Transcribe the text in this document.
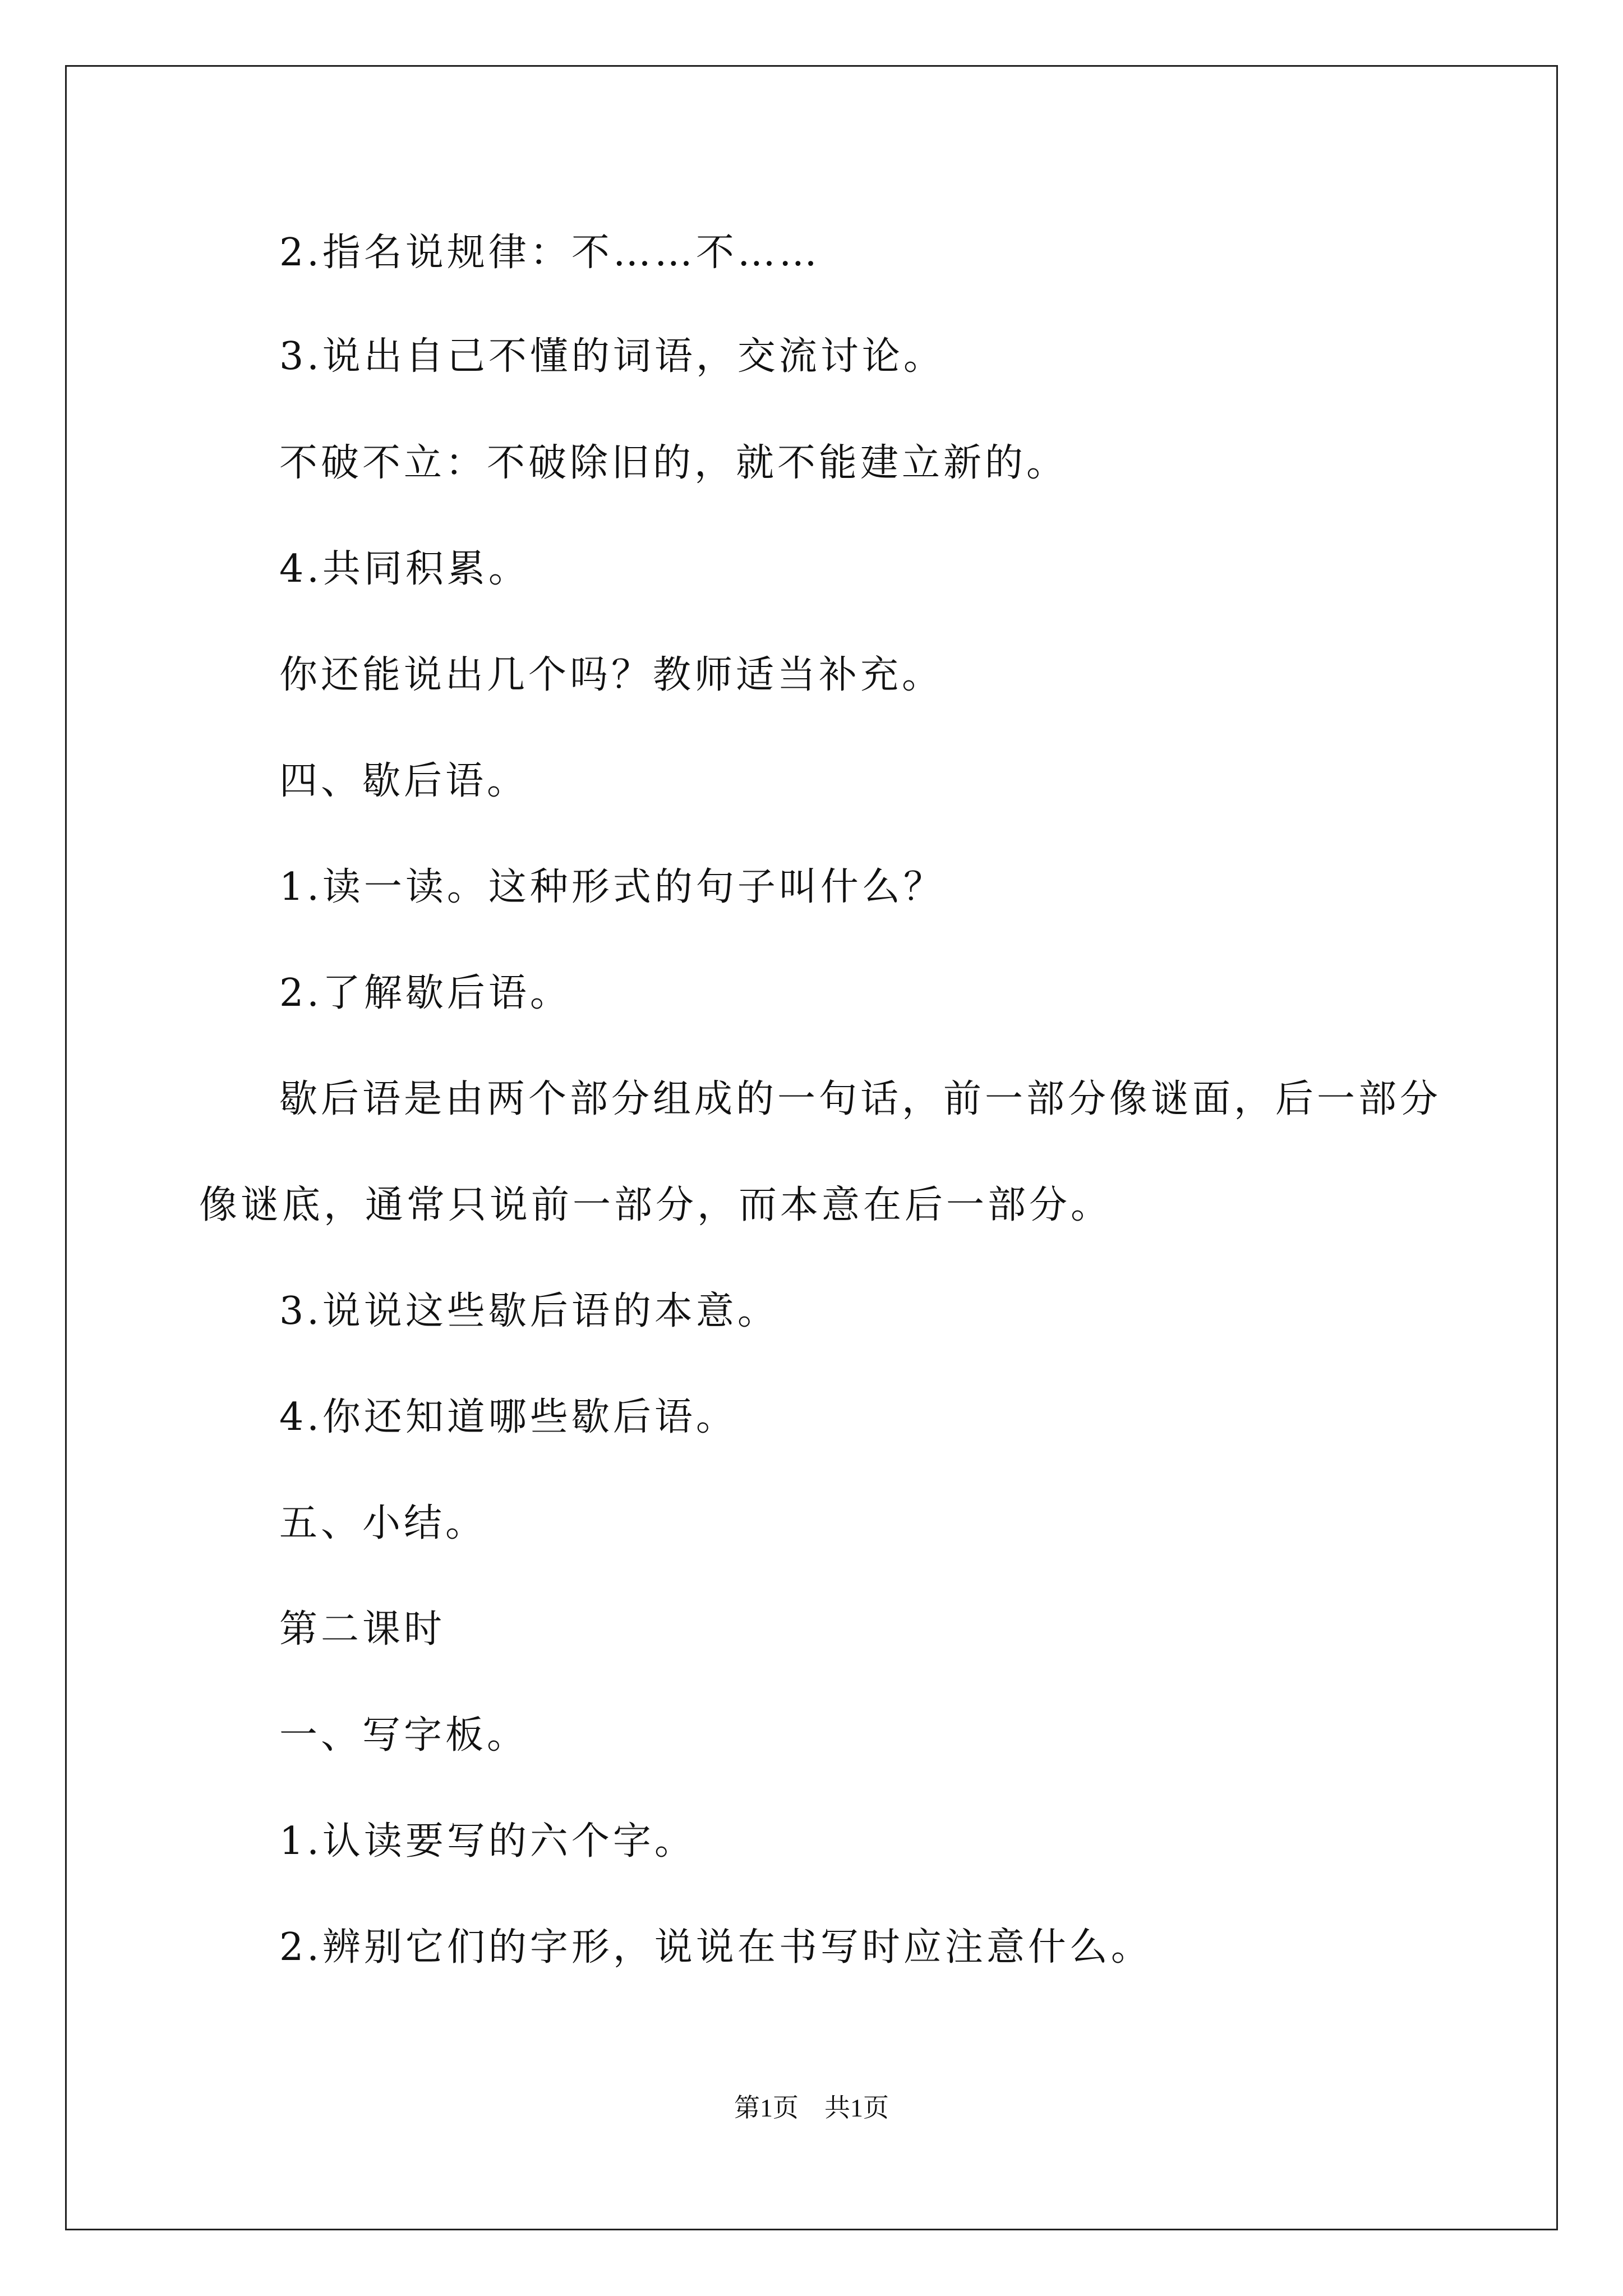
2.指名说规律：不……不……
3.说出自己不懂的词语，交流讨论。
不破不立：不破除旧的，就不能建立新的。
4.共同积累。
你还能说出几个吗？教师适当补充。
四、歇后语。
1.读一读。这种形式的句子叫什么？
2.了解歇后语。
歇后语是由两个部分组成的一句话，前一部分像谜面，后一部分
像谜底，通常只说前一部分，而本意在后一部分。
3.说说这些歇后语的本意。
4.你还知道哪些歇后语。
五、小结。
第二课时
一、写字板。
1.认读要写的六个字。
2.辨别它们的字形，说说在书写时应注意什么。
第1页 共1页
